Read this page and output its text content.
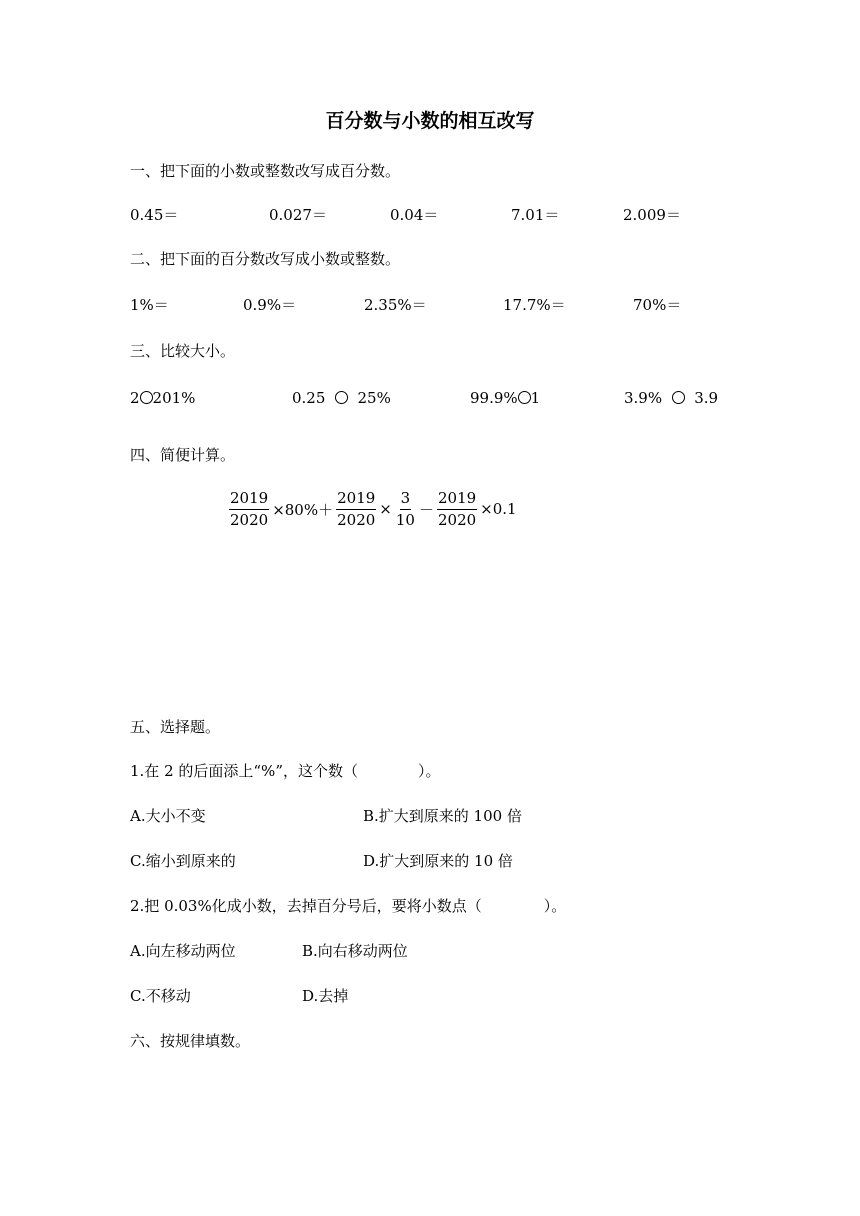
百分数与小数的相互改写
一、把下面的小数或整数改写成百分数。
0.45＝	0.027＝	0.04＝	7.01＝	2.009＝
二、把下面的百分数改写成小数或整数。
1%＝	0.9%＝	2.35%＝	17.7%＝	70%＝
三、比较大小。
2 201%	0.25 25%	99.9% 1	3.9% 3.9
四、简便计算。
$\frac{2019}{2020} \times 80\%+ \frac{2019}{2020} \times \frac{3}{10} - \frac{2019}{2020} \times 0.1$
五、选择题。
1.在 2 的后面添上“%”，这个数（	）。
A.大小不变	B.扩大到原来的 100 倍
C.缩小到原来的	D.扩大到原来的 10 倍
2.把 0.03%化成小数，去掉百分号后，要将小数点（	）。
A.向左移动两位	B.向右移动两位
C.不移动	D.去掉
六、按规律填数。
